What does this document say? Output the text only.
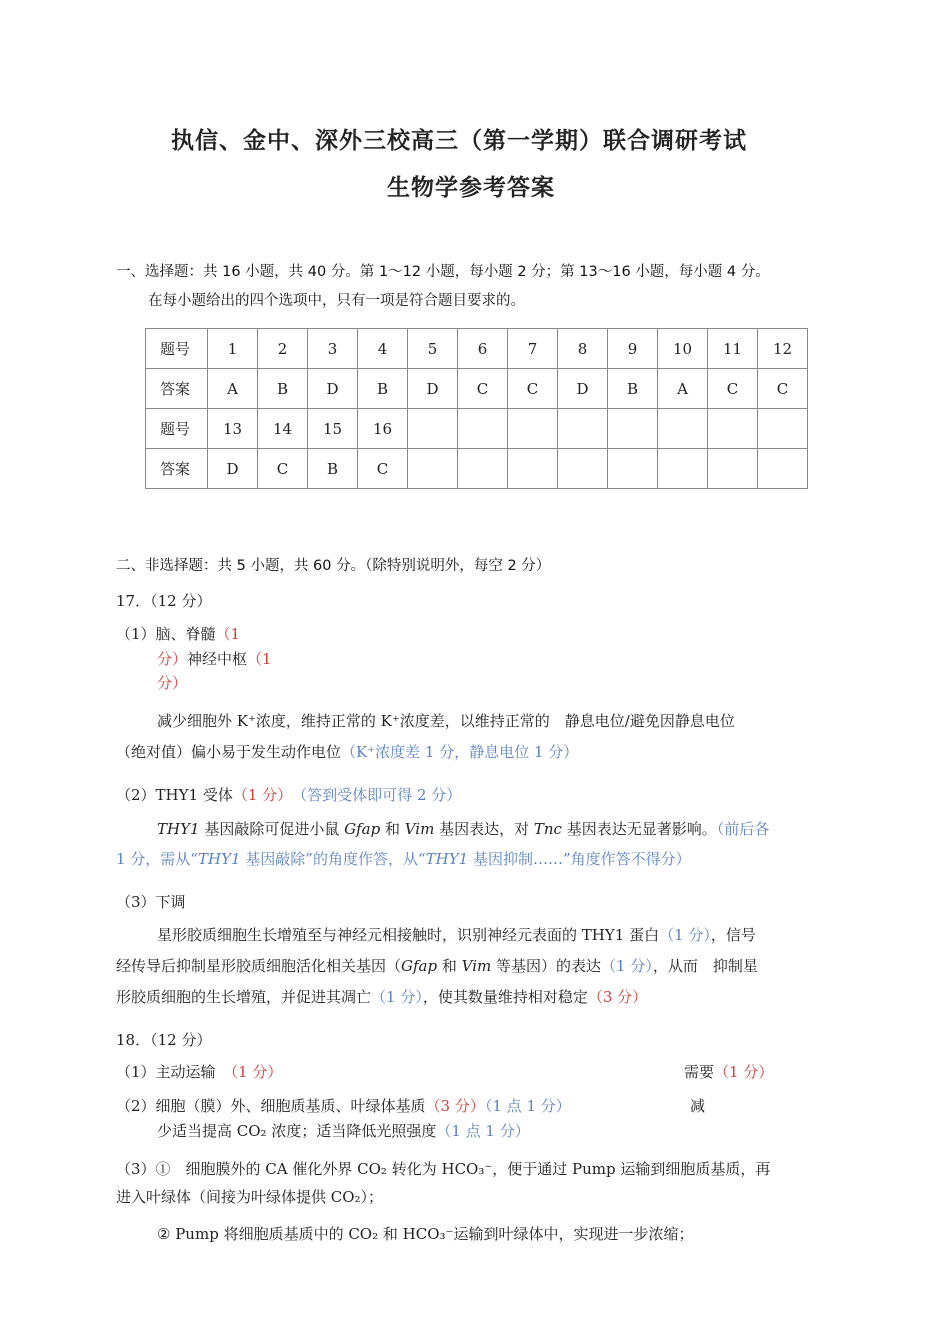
执信、金中、深外三校高三（第一学期）联合调研考试
生物学参考答案
一、选择题：共 16 小题，共 40 分。第 1～12 小题，每小题 2 分；第 13～16 小题，每小题 4 分。
在每小题给出的四个选项中，只有一项是符合题目要求的。
题号	1	2	3	4	5	6	7	8	9	10	11	12
答案	A	B	D	B	D	C	C	D	B	A	C	C
题号	13	14	15	16								
答案	D	C	B	C								
二、非选择题：共 5 小题，共 60 分。（除特别说明外，每空 2 分）
17．（12 分）
（1）脑、脊髓（1
分）神经中枢（1
分）
减少细胞外 K⁺浓度，维持正常的 K⁺浓度差，以维持正常的　静息电位/避免因静息电位
（绝对值）偏小易于发生动作电位（K⁺浓度差 1 分，静息电位 1 分）
（2）THY1 受体（1 分）　 （答到受体即可得 2 分）
THY1 基因敲除可促进小鼠 Gfap 和 Vim 基因表达，对 Tnc 基因表达无显著影响。（前后各
1 分，需从“THY1 基因敲除”的角度作答，从“THY1 基因抑制……”角度作答不得分）
（3）下调
星形胶质细胞生长增殖至与神经元相接触时，识别神经元表面的 THY1 蛋白（1 分），信号
经传导后抑制星形胶质细胞活化相关基因（Gfap 和 Vim 等基因）的表达（1 分），从而　抑制星
形胶质细胞的生长增殖，并促进其凋亡（1 分），使其数量维持相对稳定（3 分）
18．（12 分）
（1）主动运输　 （1 分）	需要（1 分）
（2）细胞（膜）外、细胞质基质、叶绿体基质（3 分）（1 点 1 分）	减
少适当提高 CO₂ 浓度；适当降低光照强度（1 点 1 分）
（3）①　细胞膜外的 CA 催化外界 CO₂ 转化为 HCO₃⁻，便于通过 Pump 运输到细胞质基质，再
进入叶绿体（间接为叶绿体提供 CO₂）；
② Pump 将细胞质基质中的 CO₂ 和 HCO₃⁻运输到叶绿体中，实现进一步浓缩；
